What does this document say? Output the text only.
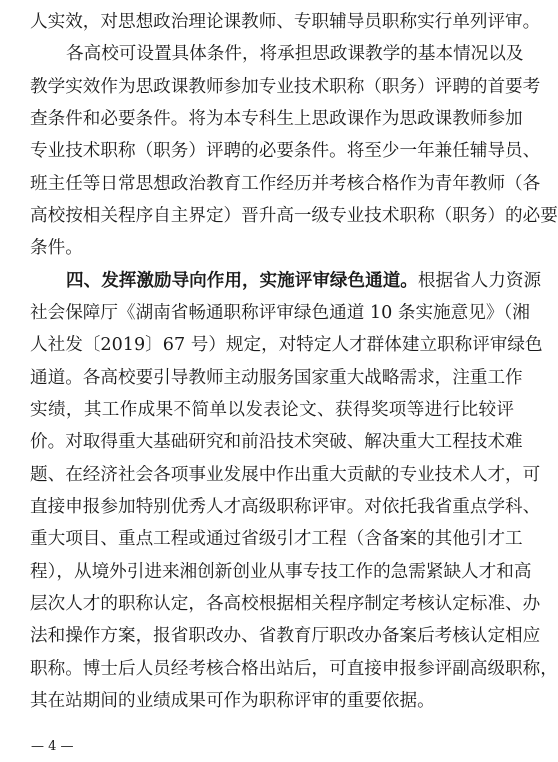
人实效，对思想政治理论课教师、专职辅导员职称实行单列评审。
各高校可设置具体条件，将承担思政课教学的基本情况以及
教学实效作为思政课教师参加专业技术职称（职务）评聘的首要考
查条件和必要条件。将为本专科生上思政课作为思政课教师参加
专业技术职称（职务）评聘的必要条件。将至少一年兼任辅导员、
班主任等日常思想政治教育工作经历并考核合格作为青年教师（各
高校按相关程序自主界定）晋升高一级专业技术职称（职务）的必要
条件。
四、发挥激励导向作用，实施评审绿色通道。根据省人力资源
社会保障厅《湖南省畅通职称评审绿色通道 10 条实施意见》（湘
人社发〔2019〕67 号）规定，对特定人才群体建立职称评审绿色
通道。各高校要引导教师主动服务国家重大战略需求，注重工作
实绩，其工作成果不简单以发表论文、获得奖项等进行比较评
价。对取得重大基础研究和前沿技术突破、解决重大工程技术难
题、在经济社会各项事业发展中作出重大贡献的专业技术人才，可
直接申报参加特别优秀人才高级职称评审。对依托我省重点学科、
重大项目、重点工程或通过省级引才工程（含备案的其他引才工
程），从境外引进来湘创新创业从事专技工作的急需紧缺人才和高
层次人才的职称认定，各高校根据相关程序制定考核认定标准、办
法和操作方案，报省职改办、省教育厅职改办备案后考核认定相应
职称。博士后人员经考核合格出站后，可直接申报参评副高级职称，
其在站期间的业绩成果可作为职称评审的重要依据。
— 4 —
